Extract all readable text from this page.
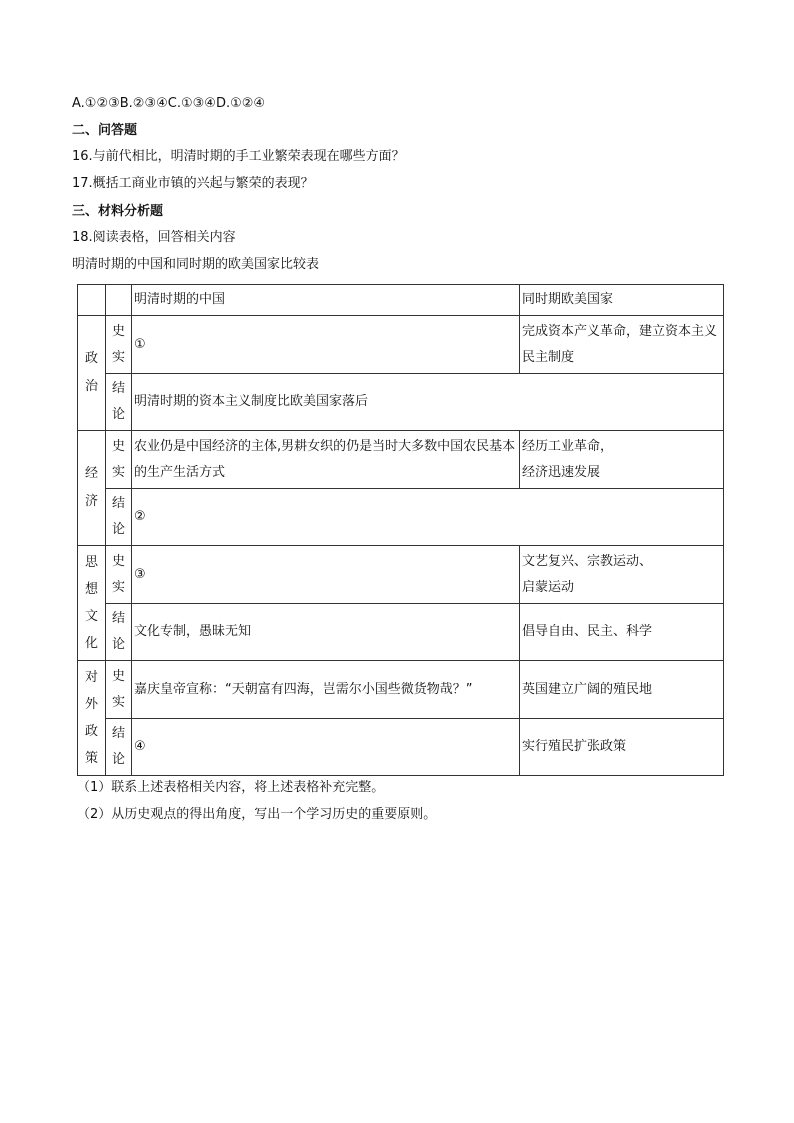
A.①②③B.②③④C.①③④D.①②④
二、问答题
16.与前代相比，明清时期的手工业繁荣表现在哪些方面？
17.概括工商业市镇的兴起与繁荣的表现？
三、材料分析题
18.阅读表格，回答相关内容
明清时期的中国和同时期的欧美国家比较表
		明清时期的中国	同时期欧美国家

政治	史实	①	完成资本产义革命，建立资本主义民主制度

	结论	明清时期的资本主义制度比欧美国家落后	

经济	史实	农业仍是中国经济的主体,男耕女织的仍是当时大多数中国农民基本的生产生活方式	经历工业革命，
经济迅速发展

	结论	②	

思想文化	史实	③	文艺复兴、宗教运动、
启蒙运动

	结论	文化专制，愚昧无知	倡导自由、民主、科学

对外政策	史实	嘉庆皇帝宣称：“天朝富有四海，岂需尔小国些微货物哉？”	英国建立广阔的殖民地

	结论	④	实行殖民扩张政策
（1）联系上述表格相关内容，将上述表格补充完整。
（2）从历史观点的得出角度，写出一个学习历史的重要原则。
